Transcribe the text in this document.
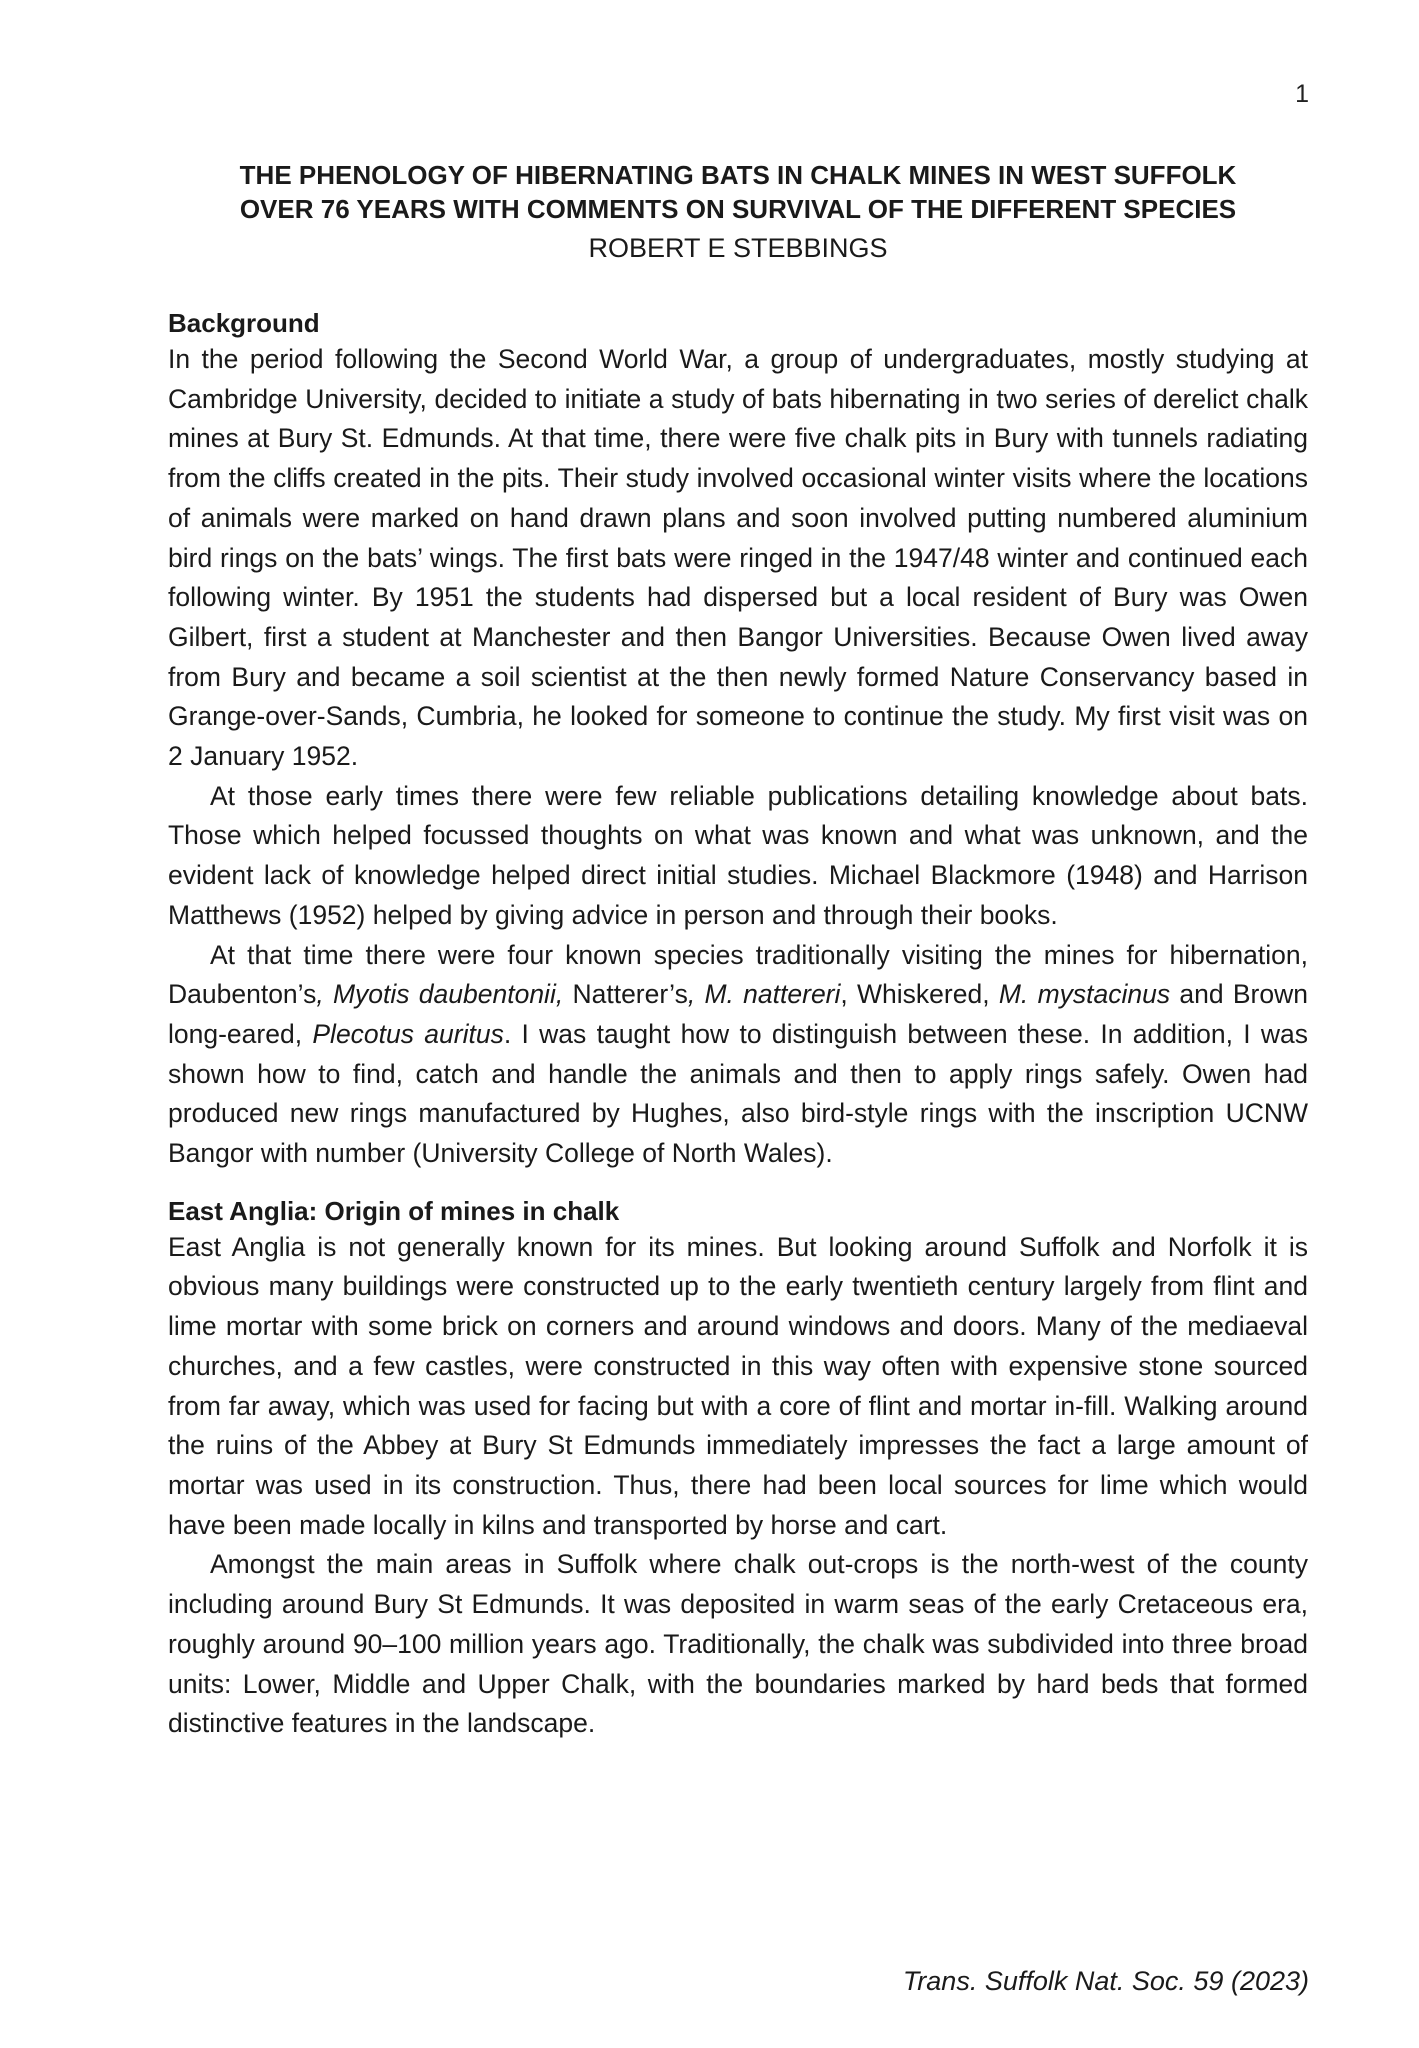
1
THE PHENOLOGY OF HIBERNATING BATS IN CHALK MINES IN WEST SUFFOLK
OVER 76 YEARS WITH COMMENTS ON SURVIVAL OF THE DIFFERENT SPECIES
ROBERT E STEBBINGS
Background

In the period following the Second World War, a group of undergraduates, mostly studying at Cambridge University, decided to initiate a study of bats hibernating in two series of derelict chalk mines at Bury St. Edmunds. At that time, there were five chalk pits in Bury with tunnels radiating from the cliffs created in the pits. Their study involved occasional winter visits where the locations of animals were marked on hand drawn plans and soon involved putting numbered aluminium bird rings on the bats’ wings. The first bats were ringed in the 1947/48 winter and continued each following winter. By 1951 the students had dispersed but a local resident of Bury was Owen Gilbert, first a student at Manchester and then Bangor Universities. Because Owen lived away from Bury and became a soil scientist at the then newly formed Nature Conservancy based in Grange-over-Sands, Cumbria, he looked for someone to continue the study. My first visit was on 2 January 1952.

At those early times there were few reliable publications detailing knowledge about bats. Those which helped focussed thoughts on what was known and what was unknown, and the evident lack of knowledge helped direct initial studies. Michael Blackmore (1948) and Harrison Matthews (1952) helped by giving advice in person and through their books.

At that time there were four known species traditionally visiting the mines for hibernation, Daubenton’s, Myotis daubentonii, Natterer’s, M. nattereri, Whiskered, M. mystacinus and Brown long-eared, Plecotus auritus. I was taught how to distinguish between these. In addition, I was shown how to find, catch and handle the animals and then to apply rings safely. Owen had produced new rings manufactured by Hughes, also bird-style rings with the inscription UCNW Bangor with number (University College of North Wales).

East Anglia: Origin of mines in chalk

East Anglia is not generally known for its mines. But looking around Suffolk and Norfolk it is obvious many buildings were constructed up to the early twentieth century largely from flint and lime mortar with some brick on corners and around windows and doors. Many of the mediaeval churches, and a few castles, were constructed in this way often with expensive stone sourced from far away, which was used for facing but with a core of flint and mortar in-fill. Walking around the ruins of the Abbey at Bury St Edmunds immediately impresses the fact a large amount of mortar was used in its construction. Thus, there had been local sources for lime which would have been made locally in kilns and transported by horse and cart.

Amongst the main areas in Suffolk where chalk out-crops is the north-west of the county including around Bury St Edmunds. It was deposited in warm seas of the early Cretaceous era, roughly around 90–100 million years ago. Traditionally, the chalk was subdivided into three broad units: Lower, Middle and Upper Chalk, with the boundaries marked by hard beds that formed distinctive features in the landscape.

Trans. Suffolk Nat. Soc. 59 (2023)
